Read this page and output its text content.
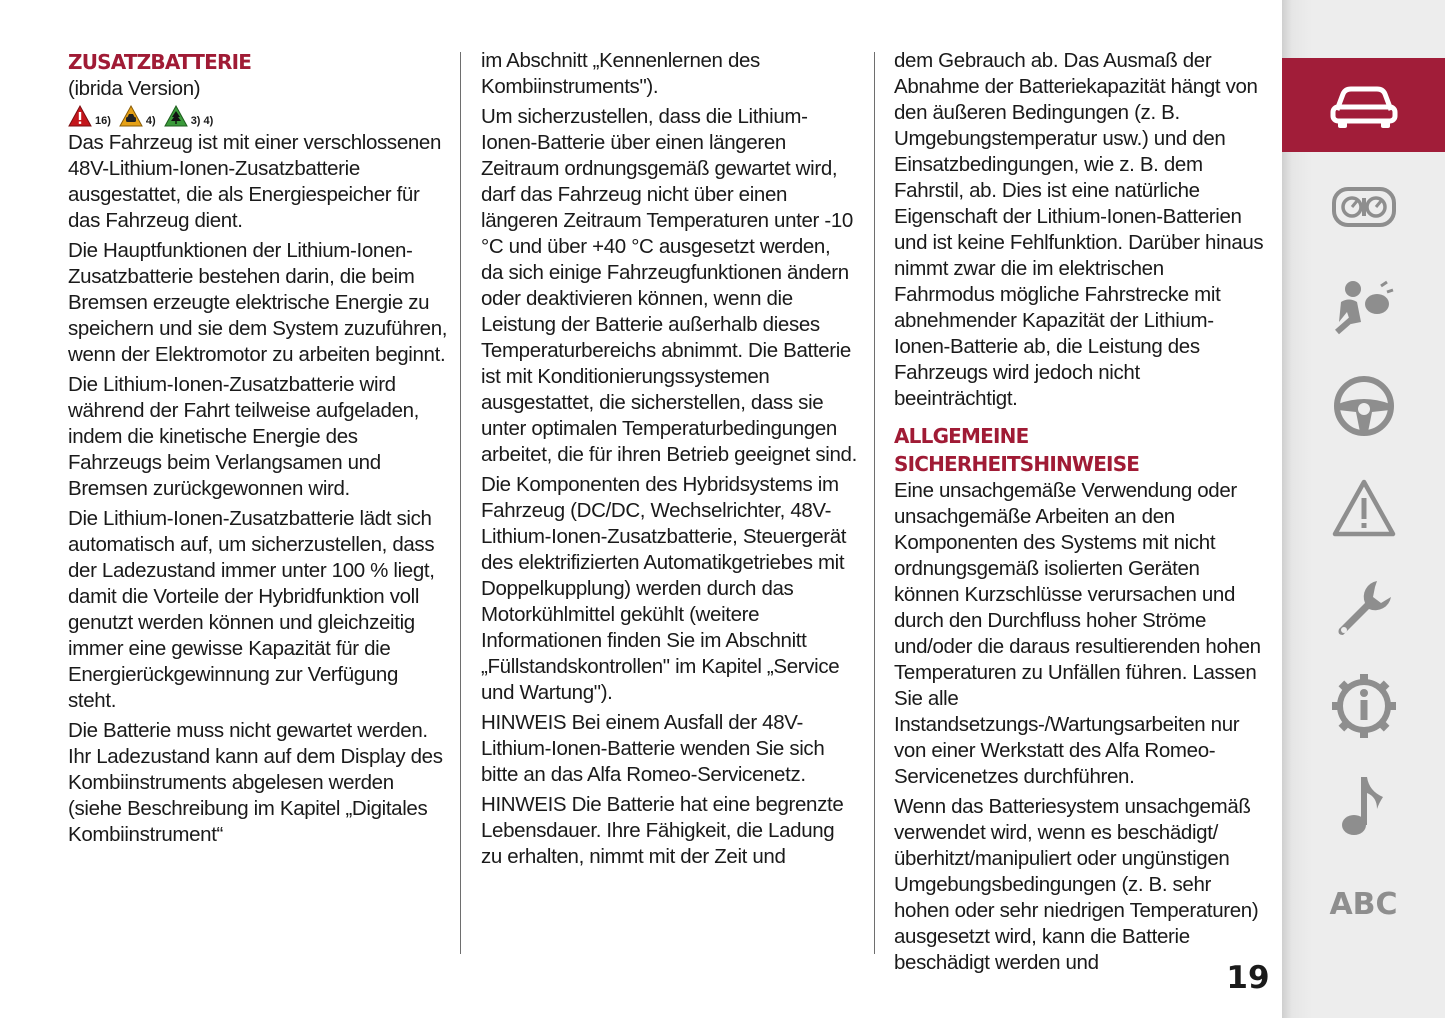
ZUSATZBATTERIE

(ibrida Version)

16)	4)	3) 4)

Das Fahrzeug ist mit einer verschlossenen 48V-Lithium-Ionen-Zusatzbatterie ausgestattet, die als Energiespeicher für das Fahrzeug dient.

Die Hauptfunktionen der Lithium-Ionen-Zusatzbatterie bestehen darin, die beim Bremsen erzeugte elektrische Energie zu speichern und sie dem System zuzuführen, wenn der Elektromotor zu arbeiten beginnt.

Die Lithium-Ionen-Zusatzbatterie wird während der Fahrt teilweise aufgeladen, indem die kinetische Energie des Fahrzeugs beim Verlangsamen und Bremsen zurückgewonnen wird.

Die Lithium-Ionen-Zusatzbatterie lädt sich automatisch auf, um sicherzustellen, dass der Ladezustand immer unter 100 % liegt, damit die Vorteile der Hybridfunktion voll genutzt werden können und gleichzeitig immer eine gewisse Kapazität für die Energierückgewinnung zur Verfügung steht.

Die Batterie muss nicht gewartet werden. Ihr Ladezustand kann auf dem Display des Kombiinstruments abgelesen werden (siehe Beschreibung im Kapitel „Digitales Kombiinstrument“

im Abschnitt „Kennenlernen des Kombiinstruments").

Um sicherzustellen, dass die Lithium-Ionen-Batterie über einen längeren Zeitraum ordnungsgemäß gewartet wird, darf das Fahrzeug nicht über einen längeren Zeitraum Temperaturen unter -10 °C und über +40 °C ausgesetzt werden, da sich einige Fahrzeugfunktionen ändern oder deaktivieren können, wenn die Leistung der Batterie außerhalb dieses Temperaturbereichs abnimmt. Die Batterie ist mit Konditionierungssystemen ausgestattet, die sicherstellen, dass sie unter optimalen Temperaturbedingungen arbeitet, die für ihren Betrieb geeignet sind.

Die Komponenten des Hybridsystems im Fahrzeug (DC/DC, Wechselrichter, 48V-Lithium-Ionen-Zusatzbatterie, Steuergerät des elektrifizierten Automatikgetriebes mit Doppelkupplung) werden durch das Motorkühlmittel gekühlt (weitere Informationen finden Sie im Abschnitt „Füllstandskontrollen" im Kapitel „Service und Wartung").

HINWEIS Bei einem Ausfall der 48V-Lithium-Ionen-Batterie wenden Sie sich bitte an das Alfa Romeo-Servicenetz.

HINWEIS Die Batterie hat eine begrenzte Lebensdauer. Ihre Fähigkeit, die Ladung zu erhalten, nimmt mit der Zeit und

dem Gebrauch ab. Das Ausmaß der Abnahme der Batteriekapazität hängt von den äußeren Bedingungen (z. B. Umgebungstemperatur usw.) und den Einsatzbedingungen, wie z. B. dem Fahrstil, ab. Dies ist eine natürliche Eigenschaft der Lithium-Ionen-Batterien und ist keine Fehlfunktion. Darüber hinaus nimmt zwar die im elektrischen Fahrmodus mögliche Fahrstrecke mit abnehmender Kapazität der Lithium-Ionen-Batterie ab, die Leistung des Fahrzeugs wird jedoch nicht beeinträchtigt.

ALLGEMEINE SICHERHEITSHINWEISE

Eine unsachgemäße Verwendung oder unsachgemäße Arbeiten an den Komponenten des Systems mit nicht ordnungsgemäß isolierten Geräten können Kurzschlüsse verursachen und durch den Durchfluss hoher Ströme und/oder die daraus resultierenden hohen Temperaturen zu Unfällen führen. Lassen Sie alle Instandsetzungs-/Wartungsarbeiten nur von einer Werkstatt des Alfa Romeo-Servicenetzes durchführen.

Wenn das Batteriesystem unsachgemäß verwendet wird, wenn es beschädigt/überhitzt/manipuliert oder ungünstigen Umgebungsbedingungen (z. B. sehr hohen oder sehr niedrigen Temperaturen) ausgesetzt wird, kann die Batterie beschädigt werden und	19
ABC
